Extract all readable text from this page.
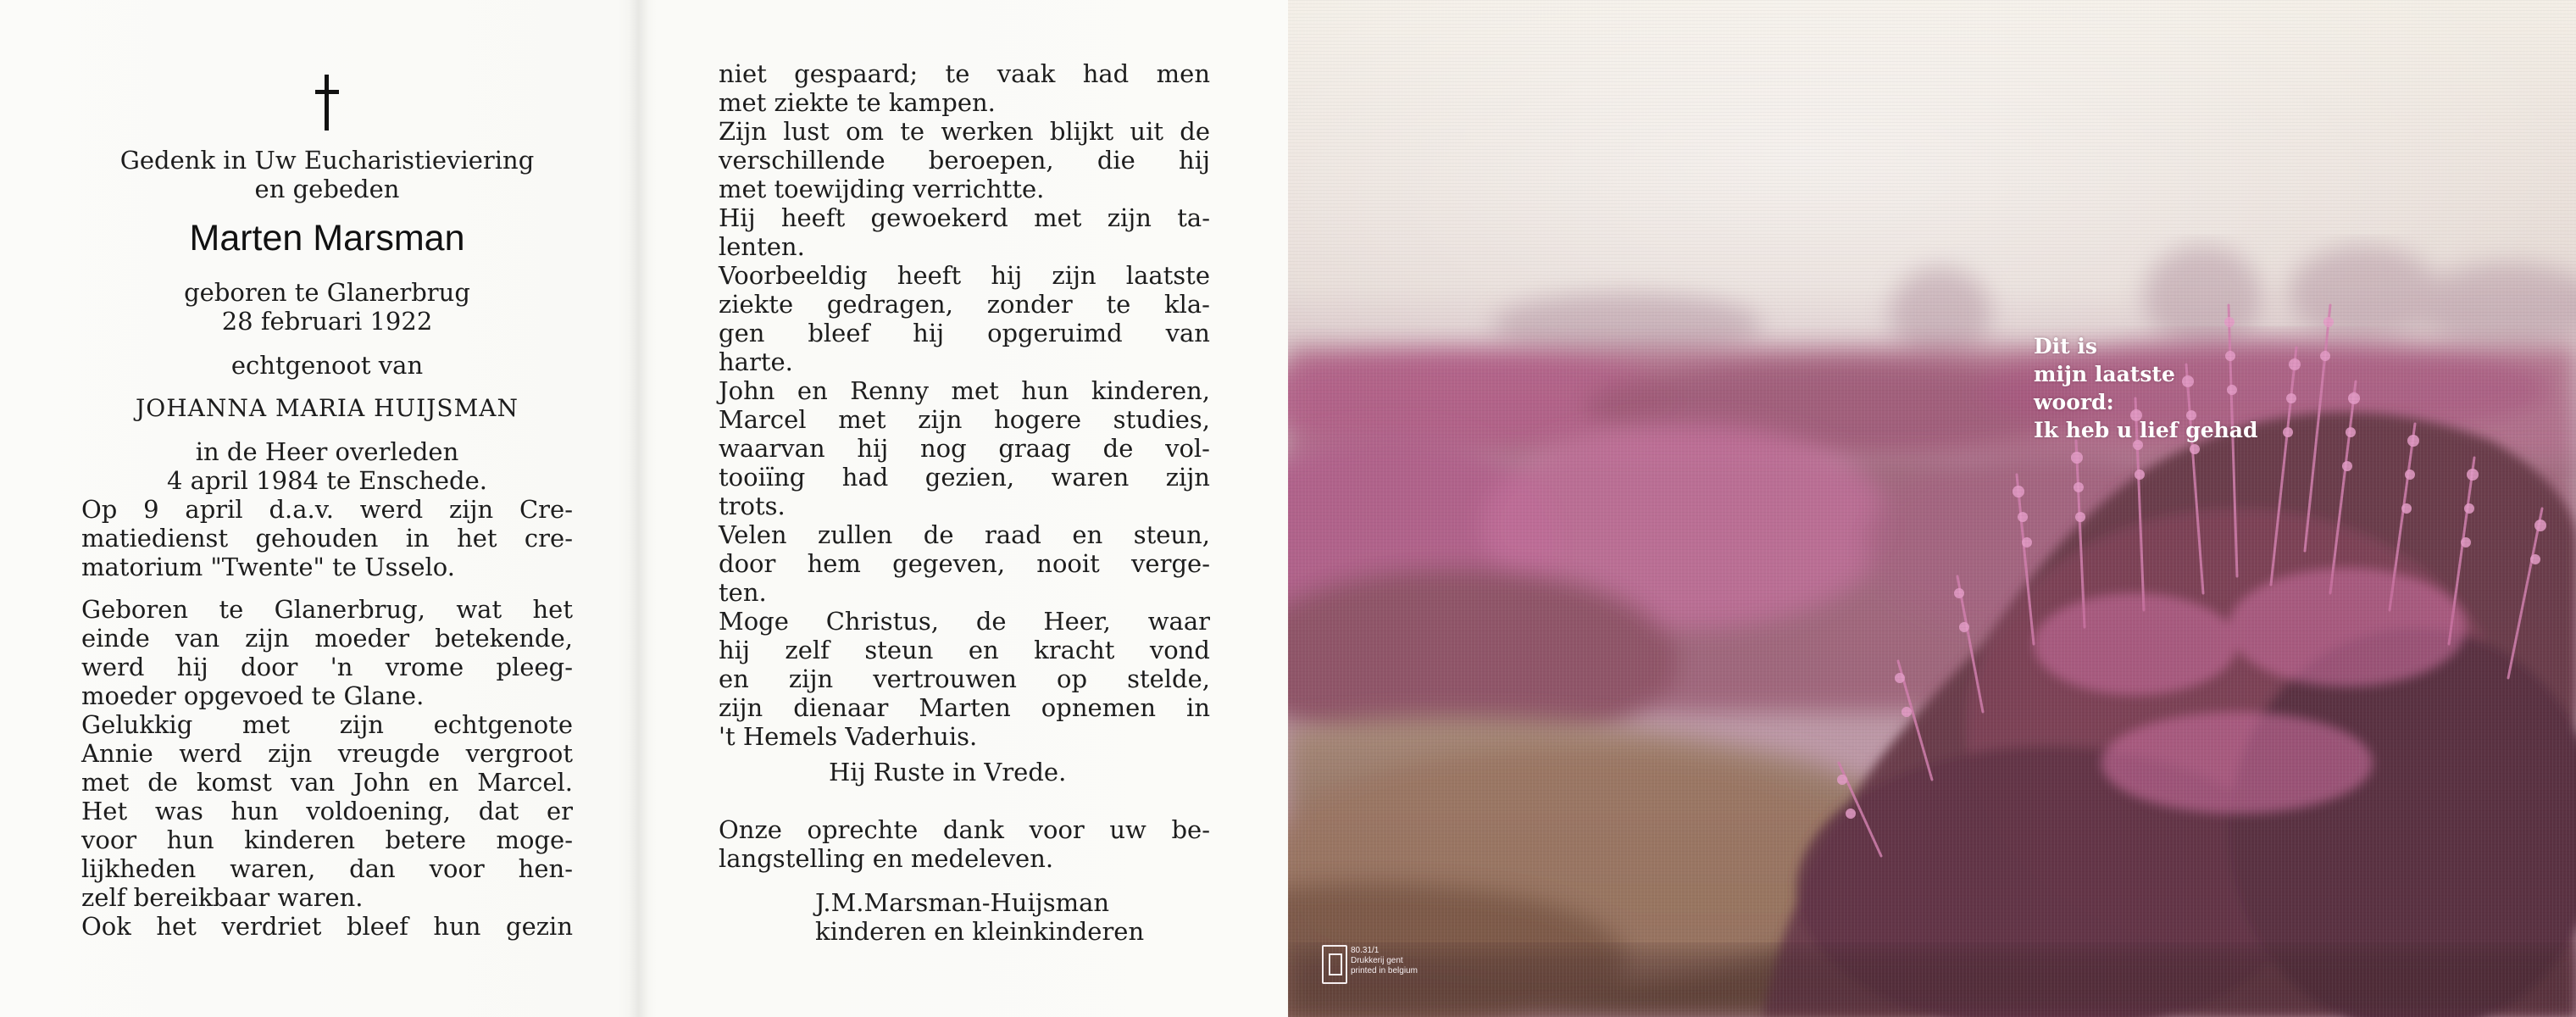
Gedenk in Uw Eucharistieviering
en gebeden
Marten Marsman
geboren te Glanerbrug
28 februari 1922
echtgenoot van
JOHANNA MARIA HUIJSMAN
in de Heer overleden
4 april 1984 te Enschede.
Op 9 april d.a.v. werd zijn Cre-
matiedienst gehouden in het cre-
matorium "Twente" te Usselo.
Geboren te Glanerbrug, wat het
einde van zijn moeder betekende,
werd hij door 'n vrome pleeg-
moeder opgevoed te Glane.
Gelukkig met zijn echtgenote
Annie werd zijn vreugde vergroot
met de komst van John en Marcel.
Het was hun voldoening, dat er
voor hun kinderen betere moge-
lijkheden waren, dan voor hen-
zelf bereikbaar waren.
Ook het verdriet bleef hun gezin
niet gespaard; te vaak had men
met ziekte te kampen.
Zijn lust om te werken blijkt uit de
verschillende beroepen, die hij
met toewijding verrichtte.
Hij heeft gewoekerd met zijn ta-
lenten.
Voorbeeldig heeft hij zijn laatste
ziekte gedragen, zonder te kla-
gen bleef hij opgeruimd van
harte.
John en Renny met hun kinderen,
Marcel met zijn hogere studies,
waarvan hij nog graag de vol-
tooiïng had gezien, waren zijn
trots.
Velen zullen de raad en steun,
door hem gegeven, nooit verge-
ten.
Moge Christus, de Heer, waar
hij zelf steun en kracht vond
en zijn vertrouwen op stelde,
zijn dienaar Marten opnemen in
't Hemels Vaderhuis.
Hij Ruste in Vrede.
Onze oprechte dank voor uw be-
langstelling en medeleven.
J.M.Marsman-Huijsman
kinderen en kleinkinderen
Dit is
mijn laatste
woord:
Ik heb u lief gehad
80.31/1
Drukkerij gent
printed in belgium
